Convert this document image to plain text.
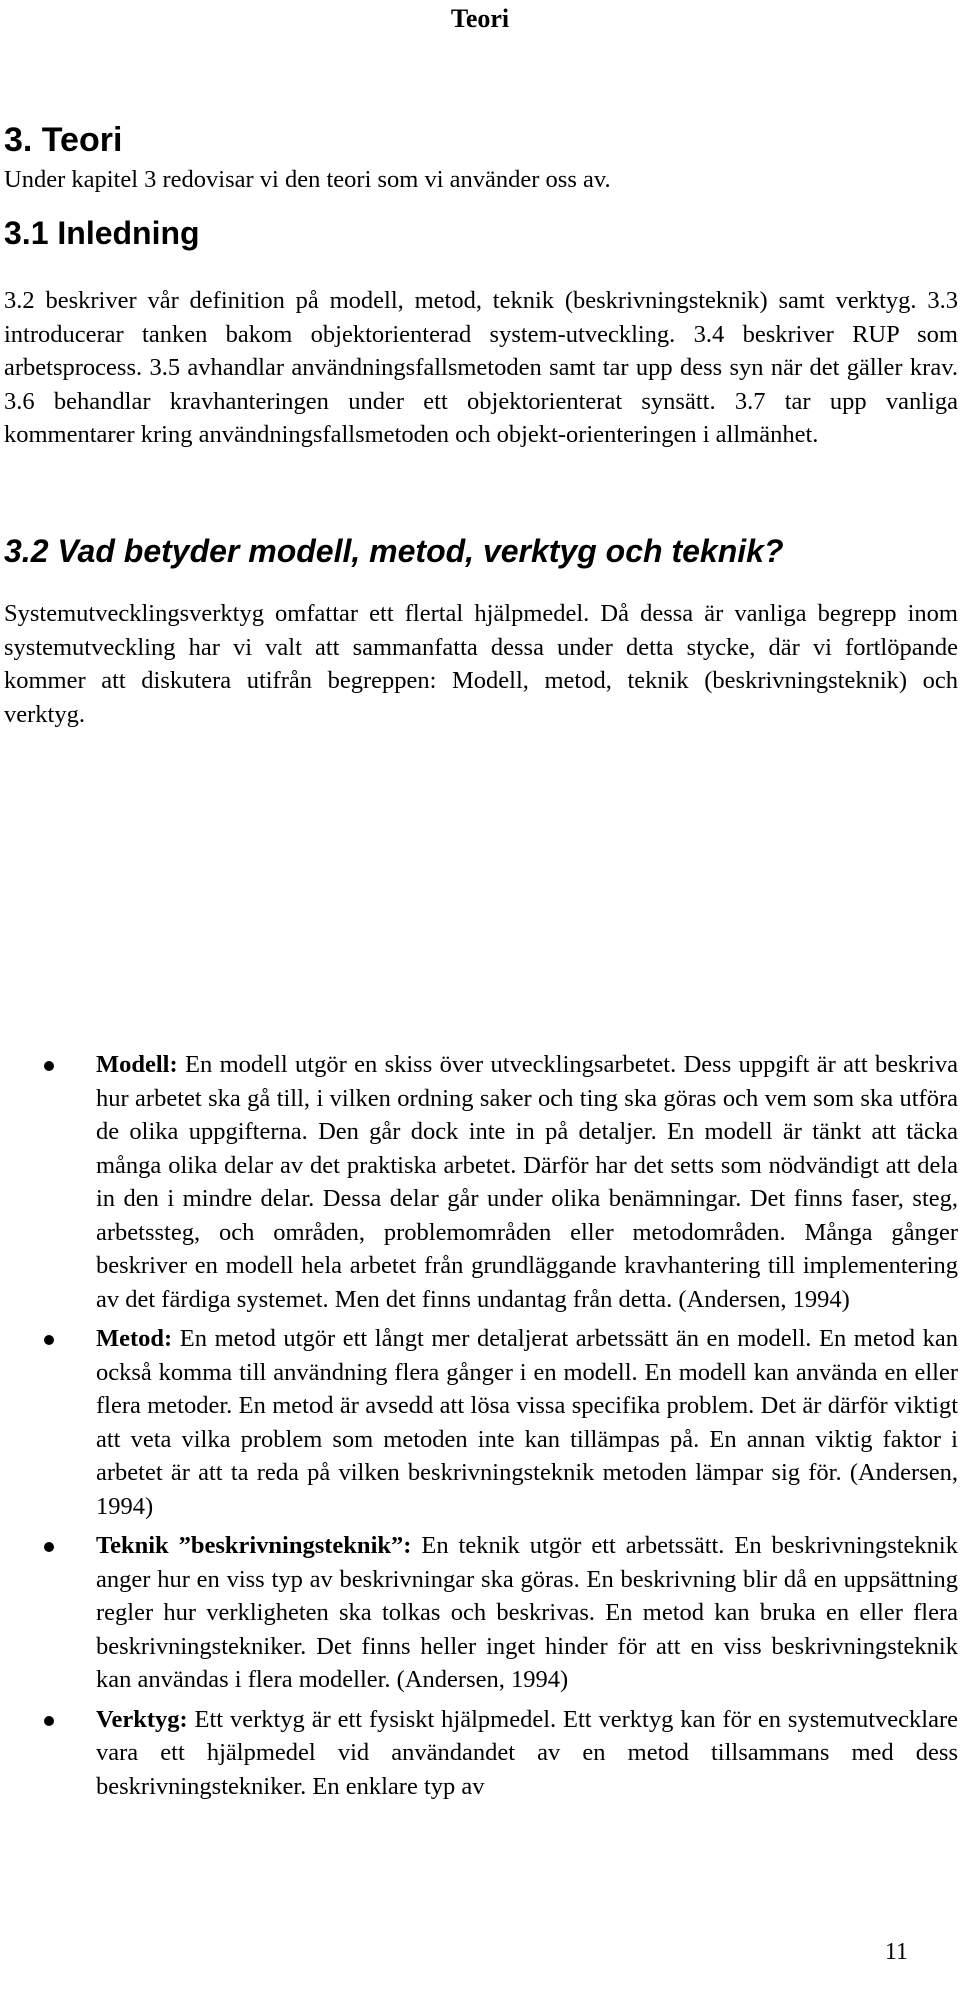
Teori
3. Teori
Under kapitel 3 redovisar vi den teori som vi använder oss av.
3.1 Inledning
3.2 beskriver vår definition på modell, metod, teknik (beskrivningsteknik) samt verktyg. 3.3 introducerar tanken bakom objektorienterad system-utveckling. 3.4 beskriver RUP som arbetsprocess. 3.5 avhandlar användningsfallsmetoden samt tar upp dess syn när det gäller krav. 3.6 behandlar kravhanteringen under ett objektorienterat synsätt. 3.7 tar upp vanliga kommentarer kring användningsfallsmetoden och objekt-orienteringen i allmänhet.
3.2 Vad betyder modell, metod, verktyg och teknik?
Systemutvecklingsverktyg omfattar ett flertal hjälpmedel. Då dessa är vanliga begrepp inom systemutveckling har vi valt att sammanfatta dessa under detta stycke, där vi fortlöpande kommer att diskutera utifrån begreppen: Modell, metod, teknik (beskrivningsteknik) och verktyg.
Modell: En modell utgör en skiss över utvecklingsarbetet. Dess uppgift är att beskriva hur arbetet ska gå till, i vilken ordning saker och ting ska göras och vem som ska utföra de olika uppgifterna. Den går dock inte in på detaljer. En modell är tänkt att täcka många olika delar av det praktiska arbetet. Därför har det setts som nödvändigt att dela in den i mindre delar. Dessa delar går under olika benämningar. Det finns faser, steg, arbetssteg, och områden, problemområden eller metodområden. Många gånger beskriver en modell hela arbetet från grundläggande kravhantering till implementering av det färdiga systemet. Men det finns undantag från detta. (Andersen, 1994)
Metod: En metod utgör ett långt mer detaljerat arbetssätt än en modell. En metod kan också komma till användning flera gånger i en modell. En modell kan använda en eller flera metoder. En metod är avsedd att lösa vissa specifika problem. Det är därför viktigt att veta vilka problem som metoden inte kan tillämpas på. En annan viktig faktor i arbetet är att ta reda på vilken beskrivningsteknik metoden lämpar sig för. (Andersen, 1994)
Teknik ”beskrivningsteknik”: En teknik utgör ett arbetssätt. En beskrivningsteknik anger hur en viss typ av beskrivningar ska göras. En beskrivning blir då en uppsättning regler hur verkligheten ska tolkas och beskrivas. En metod kan bruka en eller flera beskrivningstekniker. Det finns heller inget hinder för att en viss beskrivningsteknik kan användas i flera modeller. (Andersen, 1994)
Verktyg: Ett verktyg är ett fysiskt hjälpmedel. Ett verktyg kan för en systemutvecklare vara ett hjälpmedel vid användandet av en metod tillsammans med dess beskrivningstekniker. En enklare typ av
11
